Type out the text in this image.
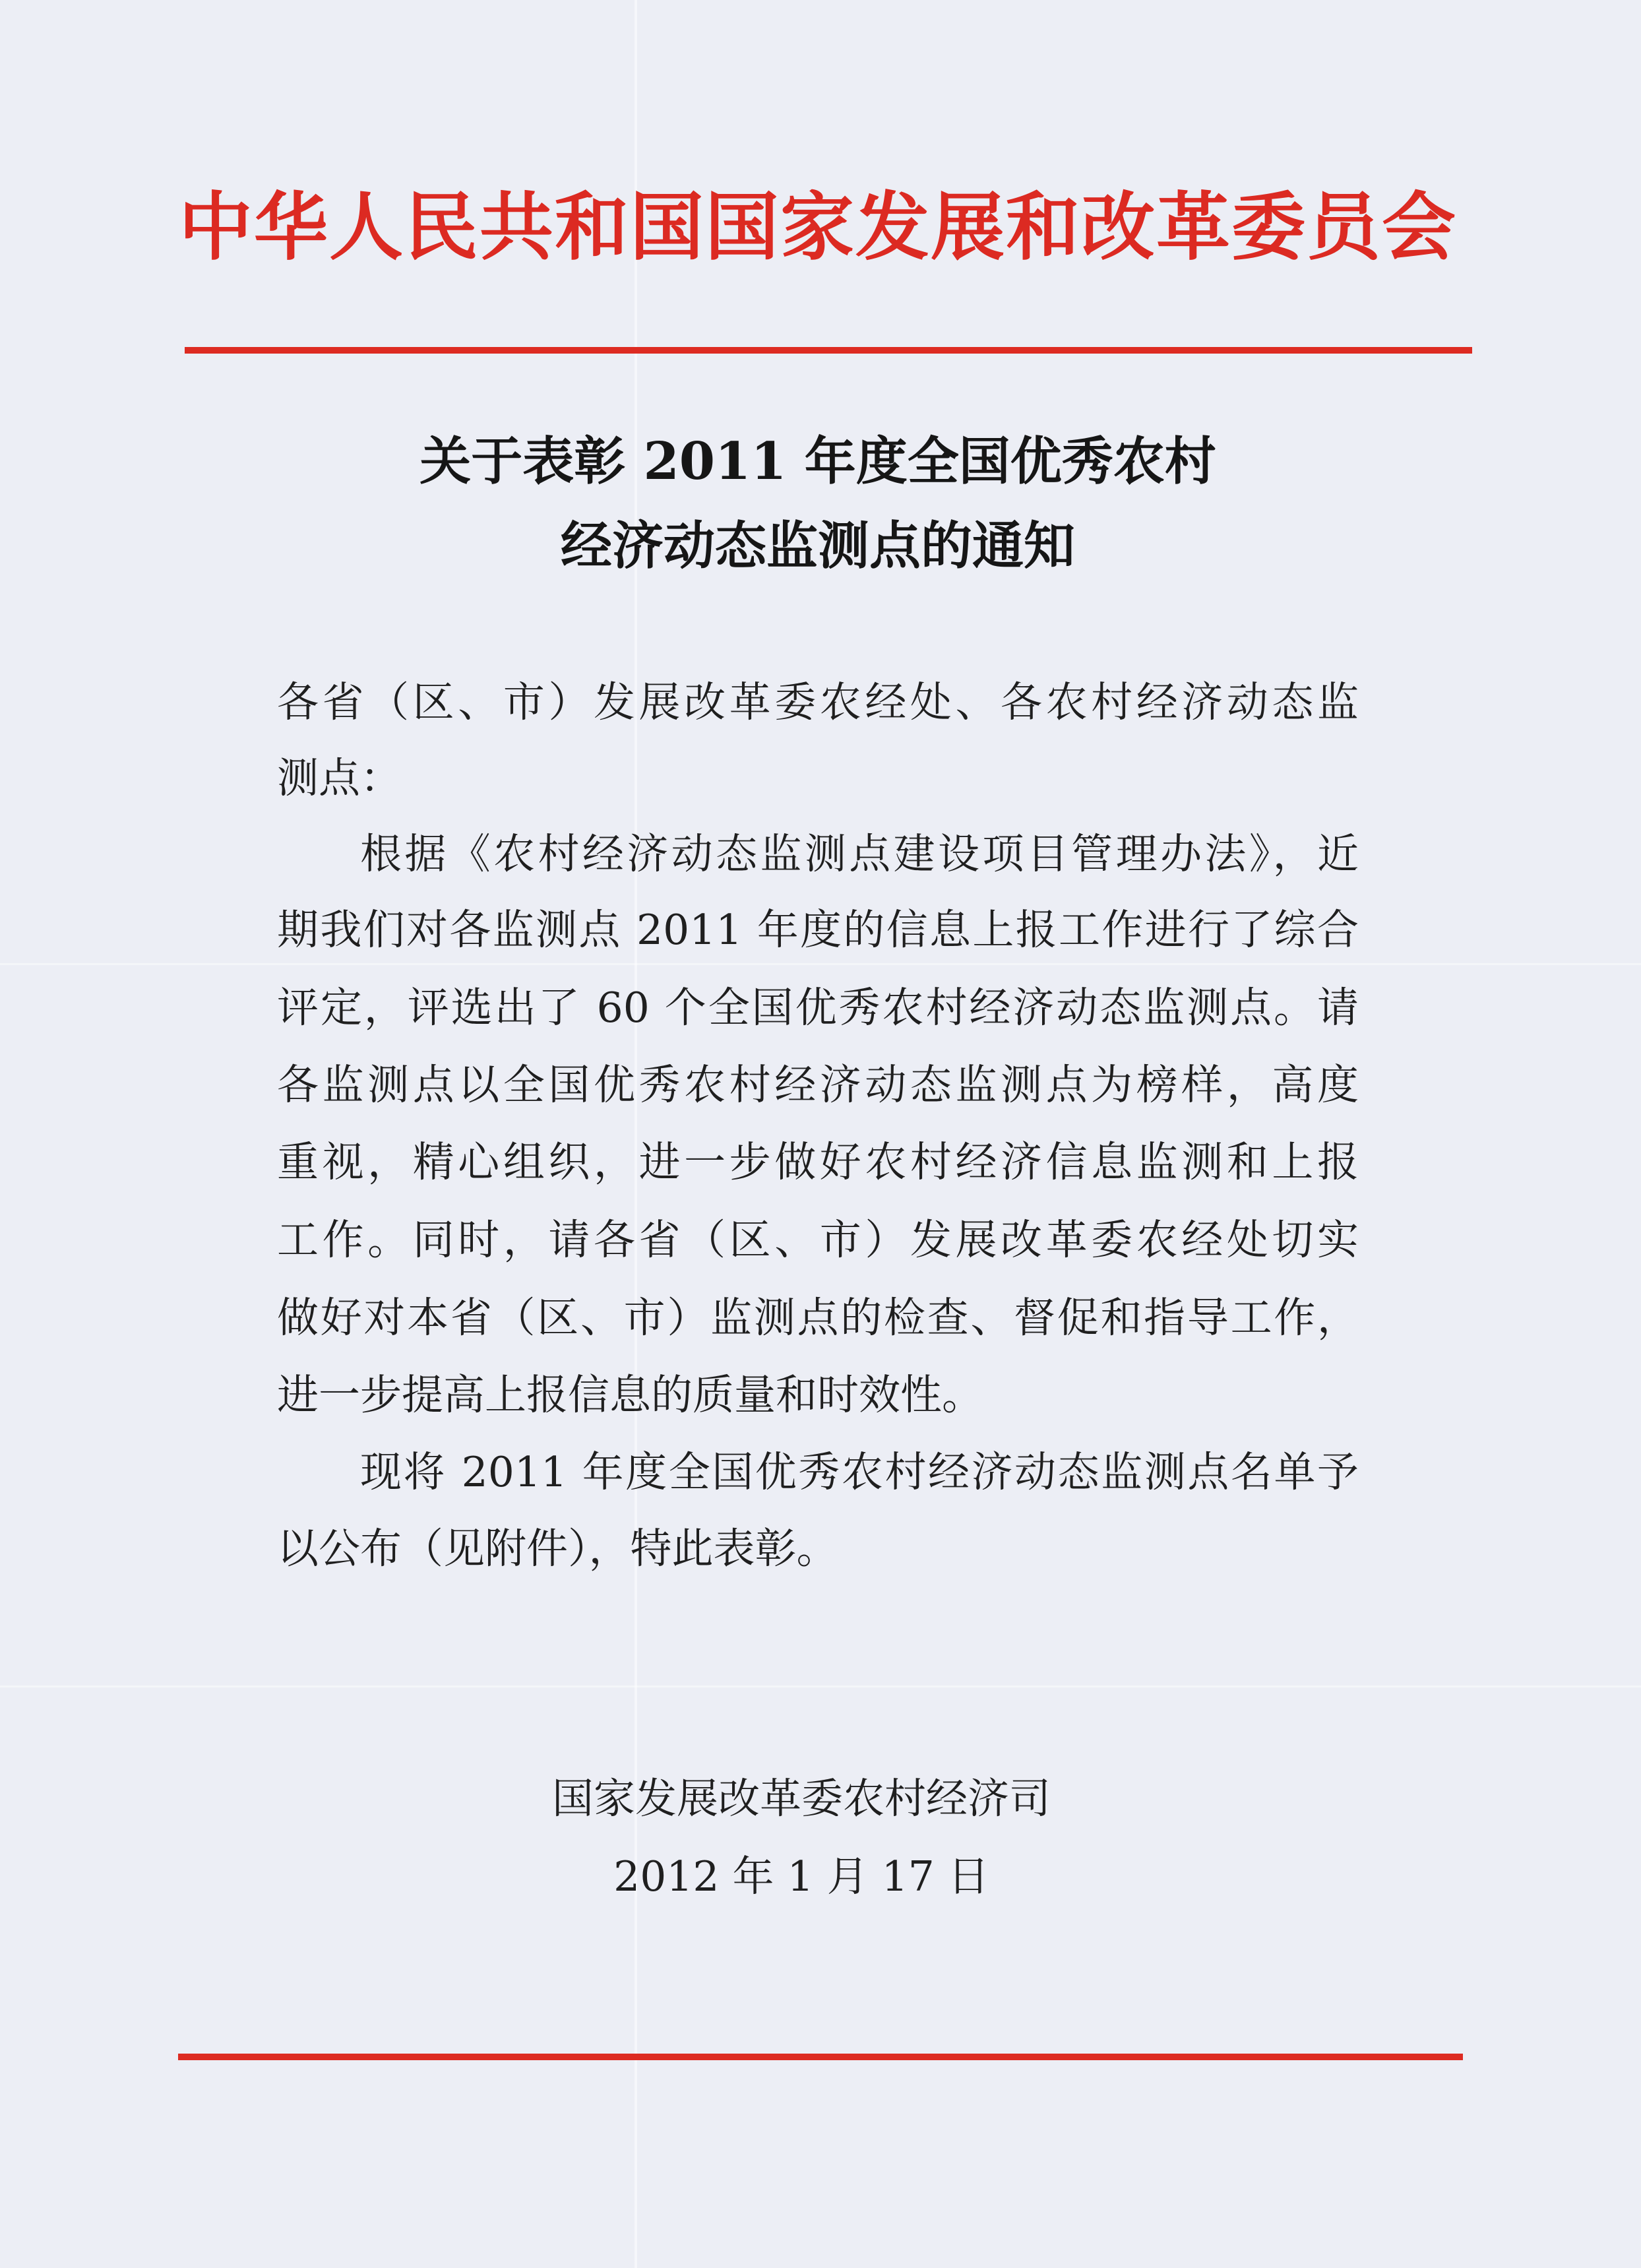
中华人民共和国国家发展和改革委员会
关于表彰 2011 年度全国优秀农村
经济动态监测点的通知
各省（区、市）发展改革委农经处、各农村经济动态监
测点：
根据《农村经济动态监测点建设项目管理办法》，近
期我们对各监测点 2011 年度的信息上报工作进行了综合
评定，评选出了 60 个全国优秀农村经济动态监测点。请
各监测点以全国优秀农村经济动态监测点为榜样，高度
重视，精心组织，进一步做好农村经济信息监测和上报
工作。同时，请各省（区、市）发展改革委农经处切实
做好对本省（区、市）监测点的检查、督促和指导工作，
进一步提高上报信息的质量和时效性。
现将 2011 年度全国优秀农村经济动态监测点名单予
以公布（见附件），特此表彰。
国家发展改革委农村经济司
2012 年 1 月 17 日
